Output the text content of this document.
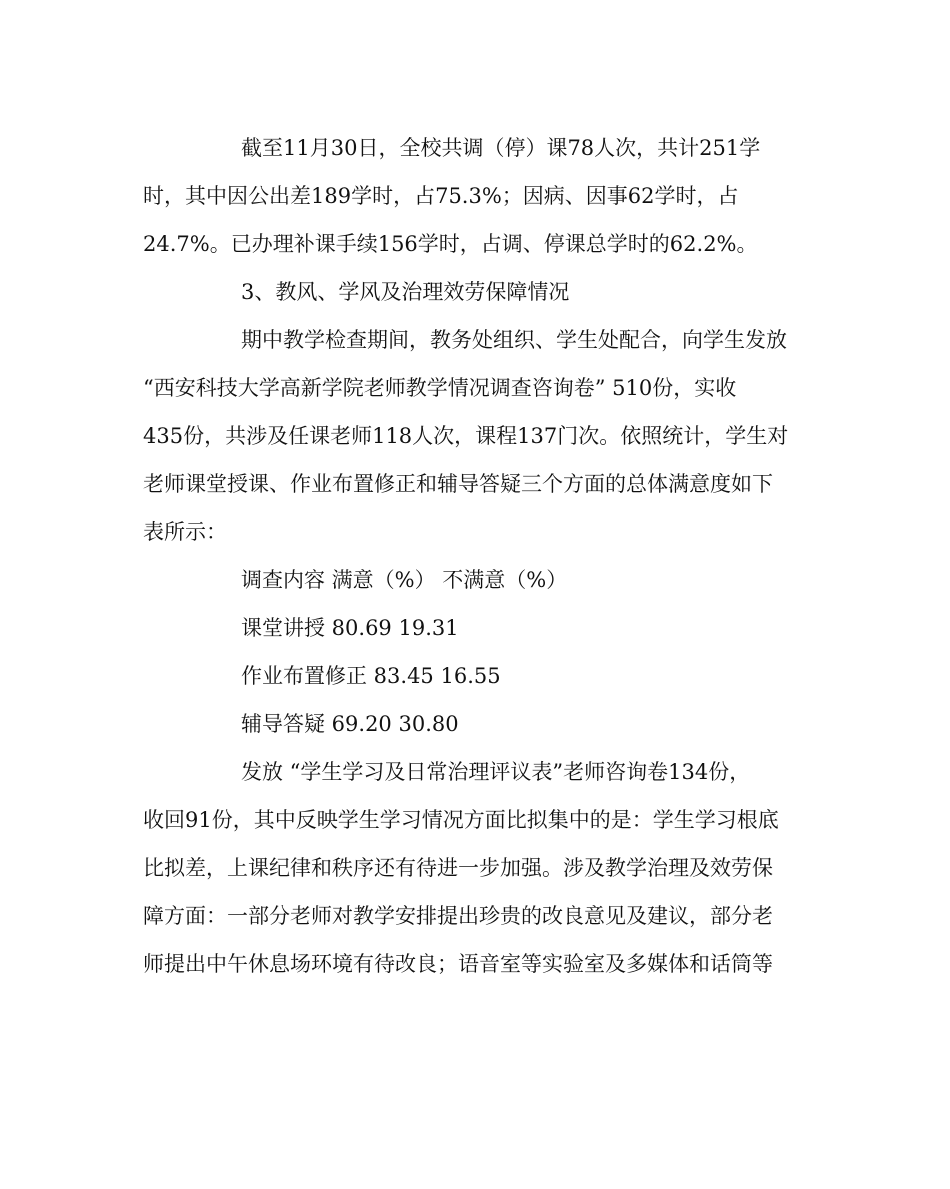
截至11月30日，全校共调（停）课78人次，共计251学
时，其中因公出差189学时，占75.3%；因病、因事62学时，占
24.7%。已办理补课手续156学时，占调、停课总学时的62.2%。
3、教风、学风及治理效劳保障情况
期中教学检查期间，教务处组织、学生处配合，向学生发放
“西安科技大学高新学院老师教学情况调查咨询卷” 510份，实收
435份，共涉及任课老师118人次，课程137门次。依照统计，学生对
老师课堂授课、作业布置修正和辅导答疑三个方面的总体满意度如下
表所示：
调查内容 满意（%） 不满意（%）
课堂讲授 80.69 19.31
作业布置修正 83.45 16.55
辅导答疑 69.20 30.80
发放 “学生学习及日常治理评议表”老师咨询卷134份，
收回91份，其中反映学生学习情况方面比拟集中的是：学生学习根底
比拟差，上课纪律和秩序还有待进一步加强。涉及教学治理及效劳保
障方面：一部分老师对教学安排提出珍贵的改良意见及建议，部分老
师提出中午休息场环境有待改良；语音室等实验室及多媒体和话筒等
